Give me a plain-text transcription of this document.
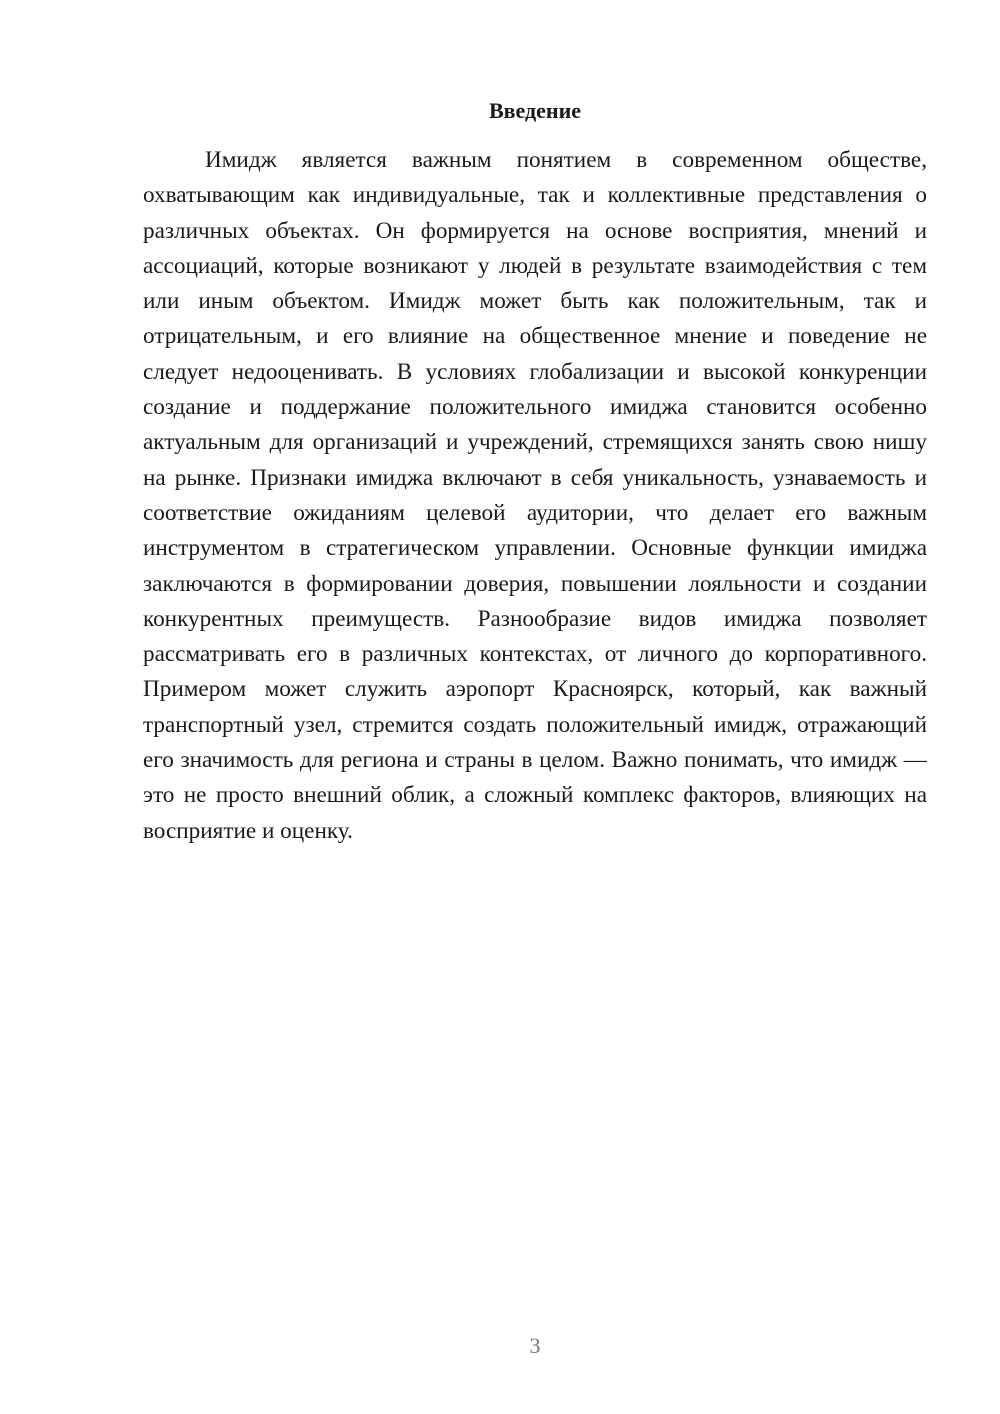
Введение

Имидж является важным понятием в современном обществе, охватывающим как индивидуальные, так и коллективные представления о различных объектах. Он формируется на основе восприятия, мнений и ассоциаций, которые возникают у людей в результате взаимодействия с тем или иным объектом. Имидж может быть как положительным, так и отрицательным, и его влияние на общественное мнение и поведение не следует недооценивать. В условиях глобализации и высокой конкуренции создание и поддержание положительного имиджа становится особенно актуальным для организаций и учреждений, стремящихся занять свою нишу на рынке. Признаки имиджа включают в себя уникальность, узнаваемость и соответствие ожиданиям целевой аудитории, что делает его важным инструментом в стратегическом управлении. Основные функции имиджа заключаются в формировании доверия, повышении лояльности и создании конкурентных преимуществ. Разнообразие видов имиджа позволяет рассматривать его в различных контекстах, от личного до корпоративного. Примером может служить аэропорт Красноярск, который, как важный транспортный узел, стремится создать положительный имидж, отражающий его значимость для региона и страны в целом. Важно понимать, что имидж — это не просто внешний облик, а сложный комплекс факторов, влияющих на восприятие и оценку.

3
